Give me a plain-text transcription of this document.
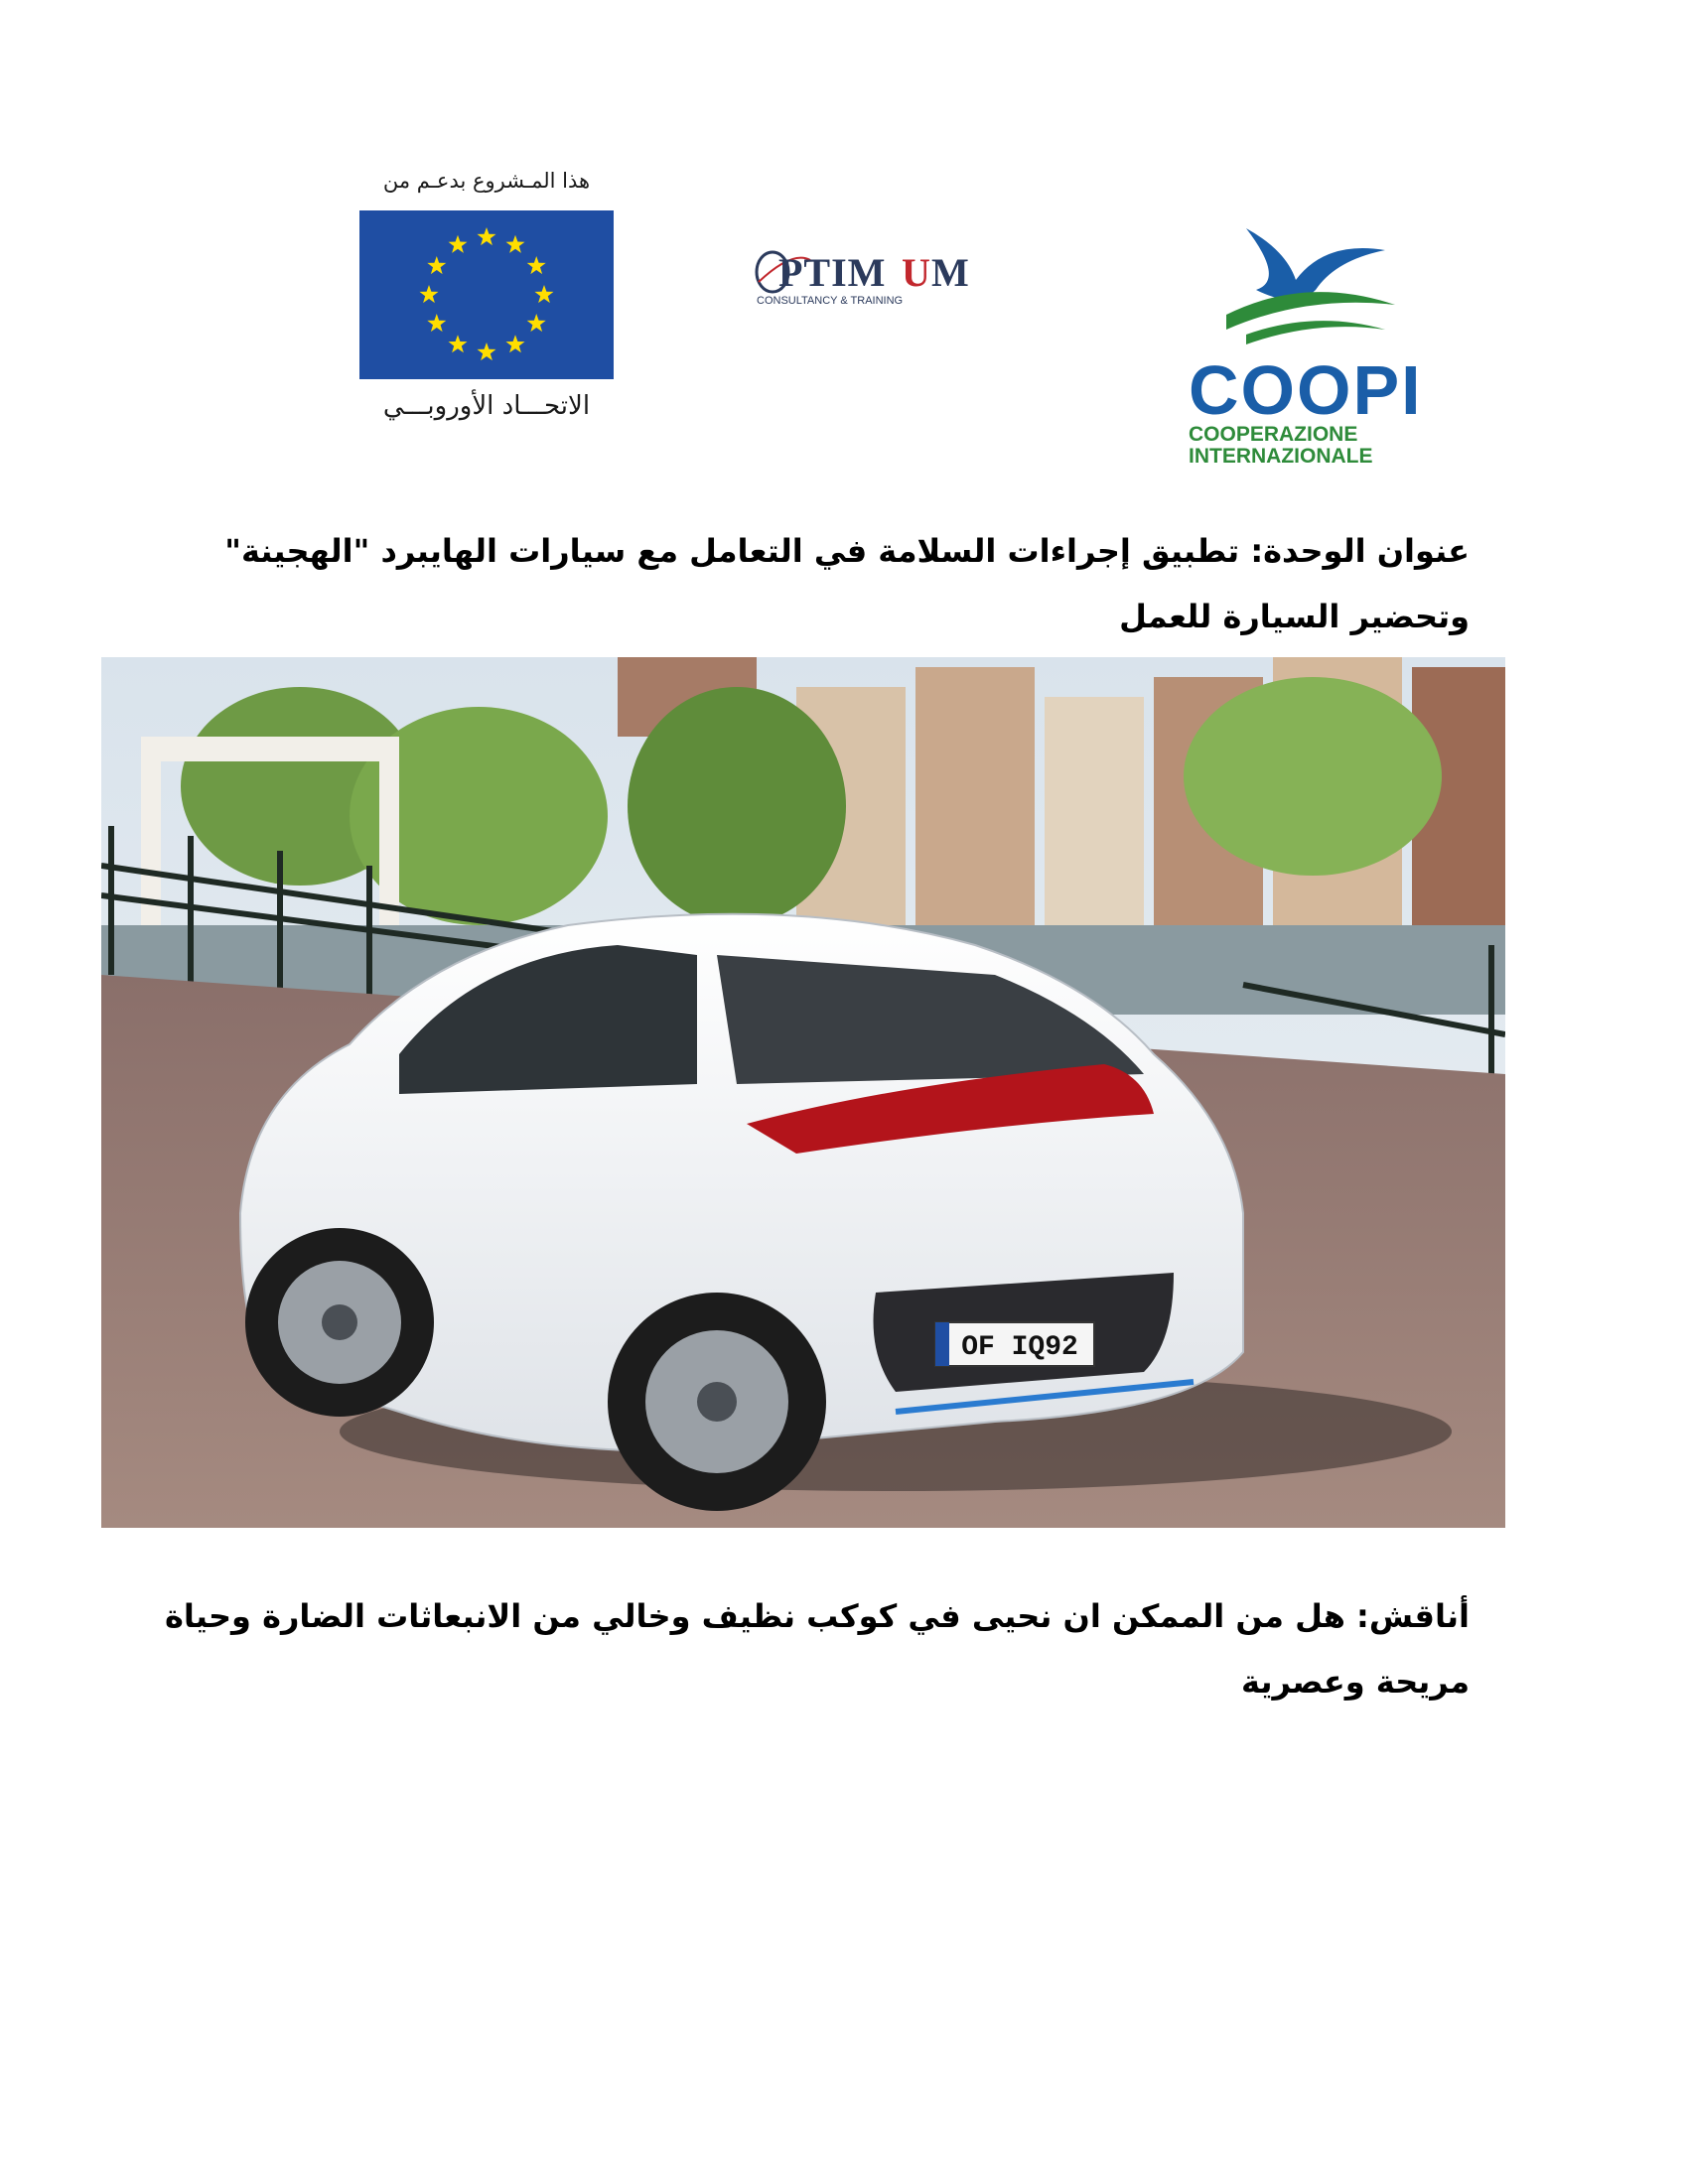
هذا المـشروع بدعـم من
الاتحـــاد الأوروبـــي
PTIM U M
CONSULTANCY & TRAINING
COOPI
COOPERAZIONE
INTERNAZIONALE

عنوان الوحدة: تطبيق إجراءات السلامة في التعامل مع سيارات الهايبرد "الهجينة" وتحضير السيارة للعمل

OF IQ92

أناقش: هل من الممكن ان نحيى في كوكب نظيف وخالي من الانبعاثات الضارة وحياة مريحة وعصرية
